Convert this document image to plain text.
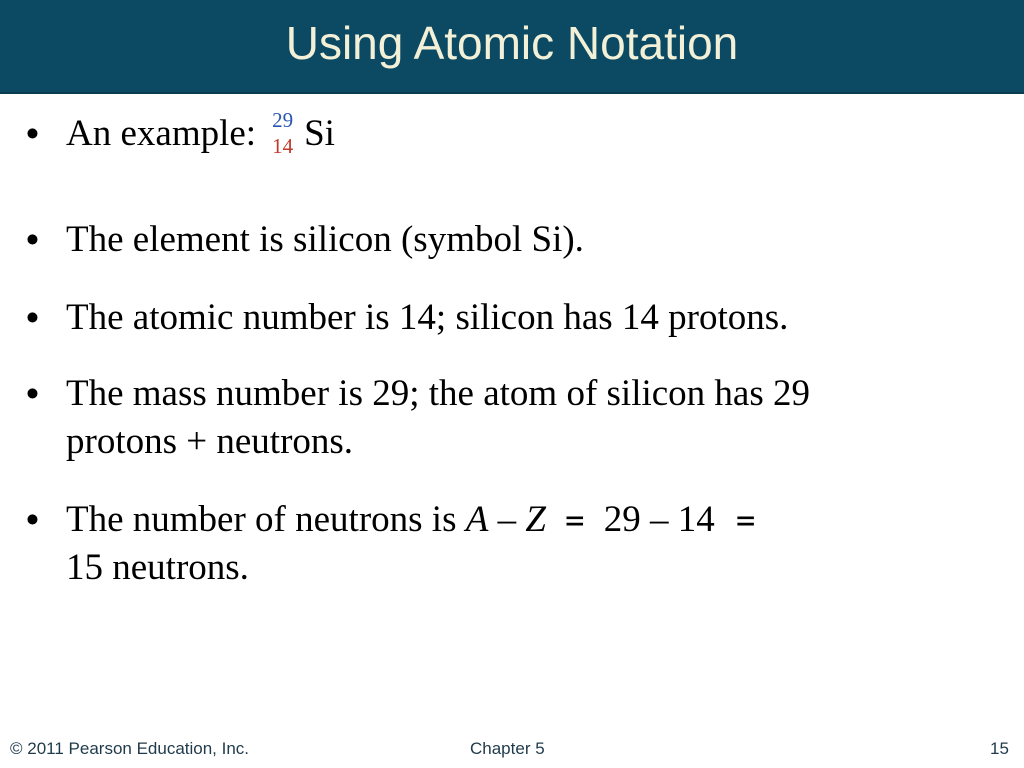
Using Atomic Notation
• An example: 29
14 Si
• The element is silicon (symbol Si).
• The atomic number is 14; silicon has 14 protons.
• The mass number is 29; the atom of silicon has 29
protons + neutrons.
• The number of neutrons is A – Z = 29 – 14 =
15 neutrons.
© 2011 Pearson Education, Inc.	Chapter 5	15
